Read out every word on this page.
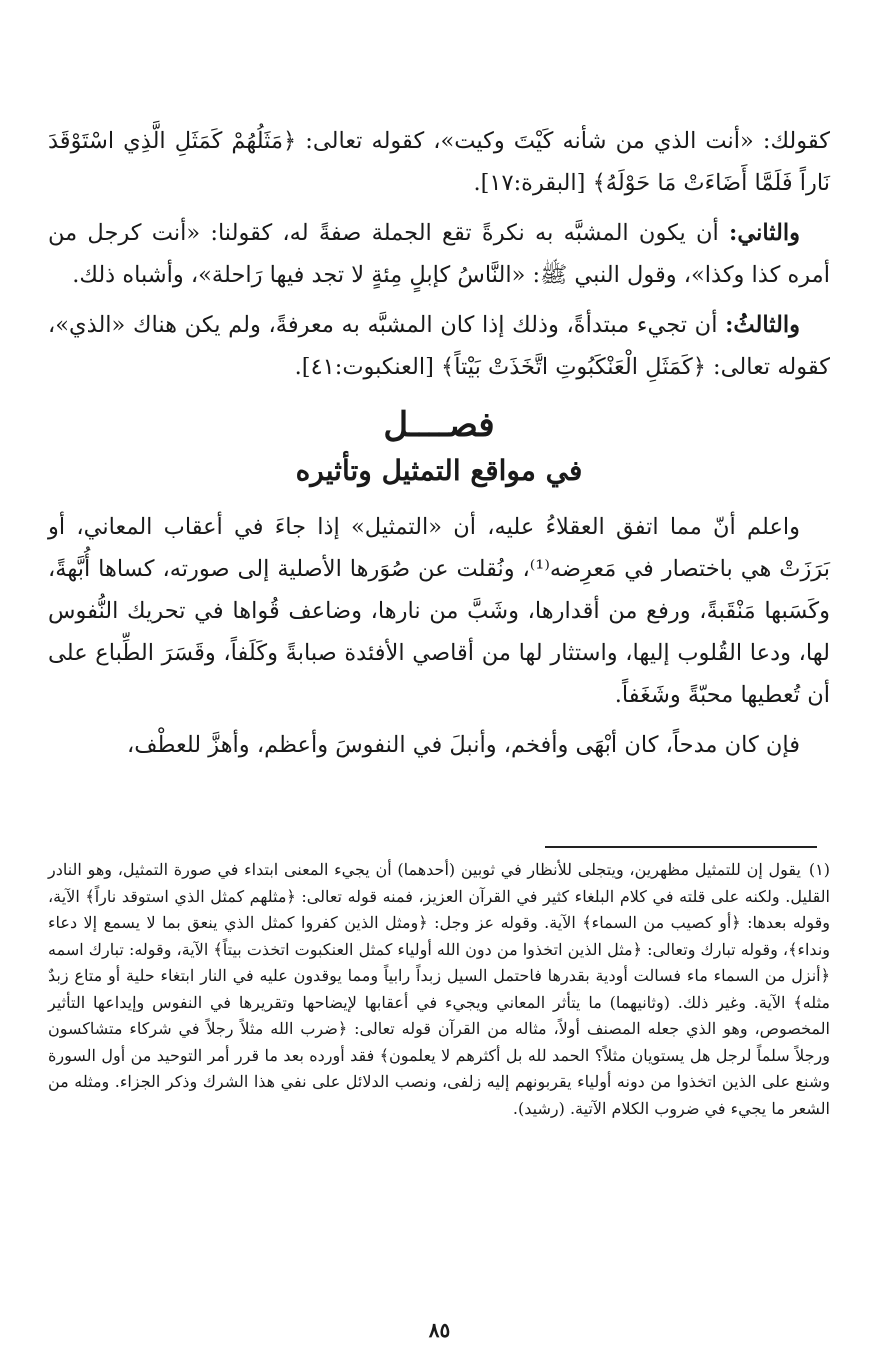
كقولك: «أنت الذي من شأنه كَيْتَ وكيت»، كقوله تعالى: ﴿مَثَلُهُمْ كَمَثَلِ الَّذِي اسْتَوْقَدَ نَاراً فَلَمَّا أَضَاءَتْ مَا حَوْلَهُ﴾ [البقرة:١٧].

والثاني: أن يكون المشبَّه به نكرةً تقع الجملة صفةً له، كقولنا: «أنت كرجل من أمره كذا وكذا»، وقول النبي ﷺ: «النَّاسُ كإبلٍ مِئةٍ لا تجد فيها رَاحلة»، وأشباه ذلك.

والثالثُ: أن تجيء مبتدأةً، وذلك إذا كان المشبَّه به معرفةً، ولم يكن هناك «الذي»، كقوله تعالى: ﴿كَمَثَلِ الْعَنْكَبُوتِ اتَّخَذَتْ بَيْتاً﴾ [العنكبوت:٤١].

فصــــل
في مواقع التمثيل وتأثيره

واعلم أنّ مما اتفق العقلاءُ عليه، أن «التمثيل» إذا جاءَ في أعقاب المعاني، أو بَرَزَتْ هي باختصار في مَعرِضه⁽¹⁾، ونُقلت عن صُوَرها الأصلية إلى صورته، كساها أُبَّهةً، وكَسَبها مَنْقَبةً، ورفع من أقدارها، وشَبَّ من نارها، وضاعف قُواها في تحريك النُّفوس لها، ودعا القُلوب إليها، واستثار لها من أقاصي الأفئدة صبابةً وكَلَفاً، وقَسَرَ الطِّباع على أن تُعطيها محبّةً وشَغَفاً.

فإن كان مدحاً، كان أبْهَى وأفخم، وأنبلَ في النفوسَ وأعظم، وأهزَّ للعطْف،

(١)يقول إن للتمثيل مظهرين، ويتجلى للأنظار في ثوبين (أحدهما) أن يجيء المعنى ابتداء في صورة التمثيل، وهو النادر القليل. ولكنه على قلته في كلام البلغاء كثير في القرآن العزيز، فمنه قوله تعالى: ﴿مثلهم كمثل الذي استوقد ناراً﴾ الآية، وقوله بعدها: ﴿أو كصيب من السماء﴾ الآية. وقوله عز وجل: ﴿ومثل الذين كفروا كمثل الذي ينعق بما لا يسمع إلا دعاء ونداء﴾، وقوله تبارك وتعالى: ﴿مثل الذين اتخذوا من دون الله أولياء كمثل العنكبوت اتخذت بيتاً﴾ الآية، وقوله: تبارك اسمه ﴿أنزل من السماء ماء فسالت أودية بقدرها فاحتمل السيل زبداً رابياً ومما يوقدون عليه في النار ابتغاء حلية أو متاع زبدٌ مثله﴾ الآية. وغير ذلك. (وثانيهما) ما يتأثر المعاني ويجيء في أعقابها لإيضاحها وتقريرها في النفوس وإيداعها التأثير المخصوص، وهو الذي جعله المصنف أولاً، مثاله من القرآن قوله تعالى: ﴿ضرب الله مثلاً رجلاً في شركاء متشاكسون ورجلاً سلماً لرجل هل يستويان مثلاً؟ الحمد لله بل أكثرهم لا يعلمون﴾ فقد أورده بعد ما قرر أمر التوحيد من أول السورة وشنع على الذين اتخذوا من دونه أولياء يقربونهم إليه زلفى، ونصب الدلائل على نفي هذا الشرك وذكر الجزاء. ومثله من الشعر ما يجيء في ضروب الكلام الآتية. (رشيد).
٨٥
